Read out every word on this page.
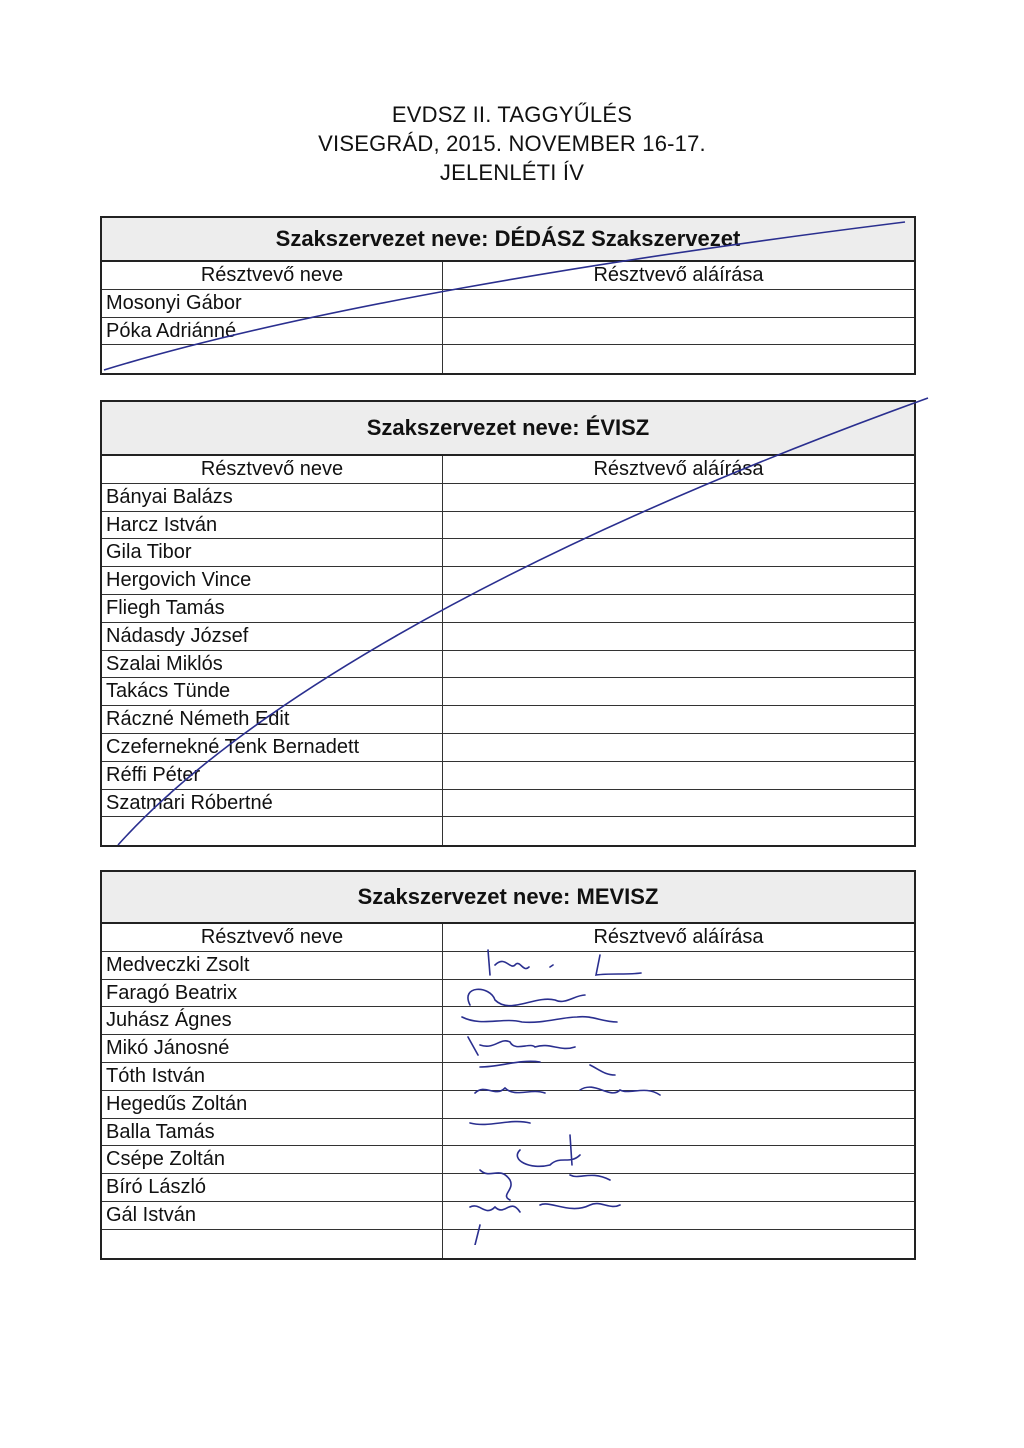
EVDSZ II. TAGGYŰLÉS
VISEGRÁD, 2015. NOVEMBER 16-17.
JELENLÉTI ÍV
Szakszervezet neve:
DÉDÁSZ Szakszervezet
Résztvevő neve	Résztvevő aláírása
Mosonyi Gábor
Póka Adriánné
Szakszervezet neve:
ÉVISZ
Résztvevő neve	Résztvevő aláírása
Bányai Balázs
Harcz István
Gila Tibor
Hergovich Vince
Fliegh Tamás
Nádasdy József
Szalai Miklós
Takács Tünde
Ráczné Németh Edit
Czefernekné Tenk Bernadett
Réffi Péter
Szatmári Róbertné
Szakszervezet neve:
MEVISZ
Résztvevő neve	Résztvevő aláírása
Medveczki Zsolt
Faragó Beatrix
Juhász Ágnes
Mikó Jánosné
Tóth István
Hegedűs Zoltán
Balla Tamás
Csépe Zoltán
Bíró László
Gál István
